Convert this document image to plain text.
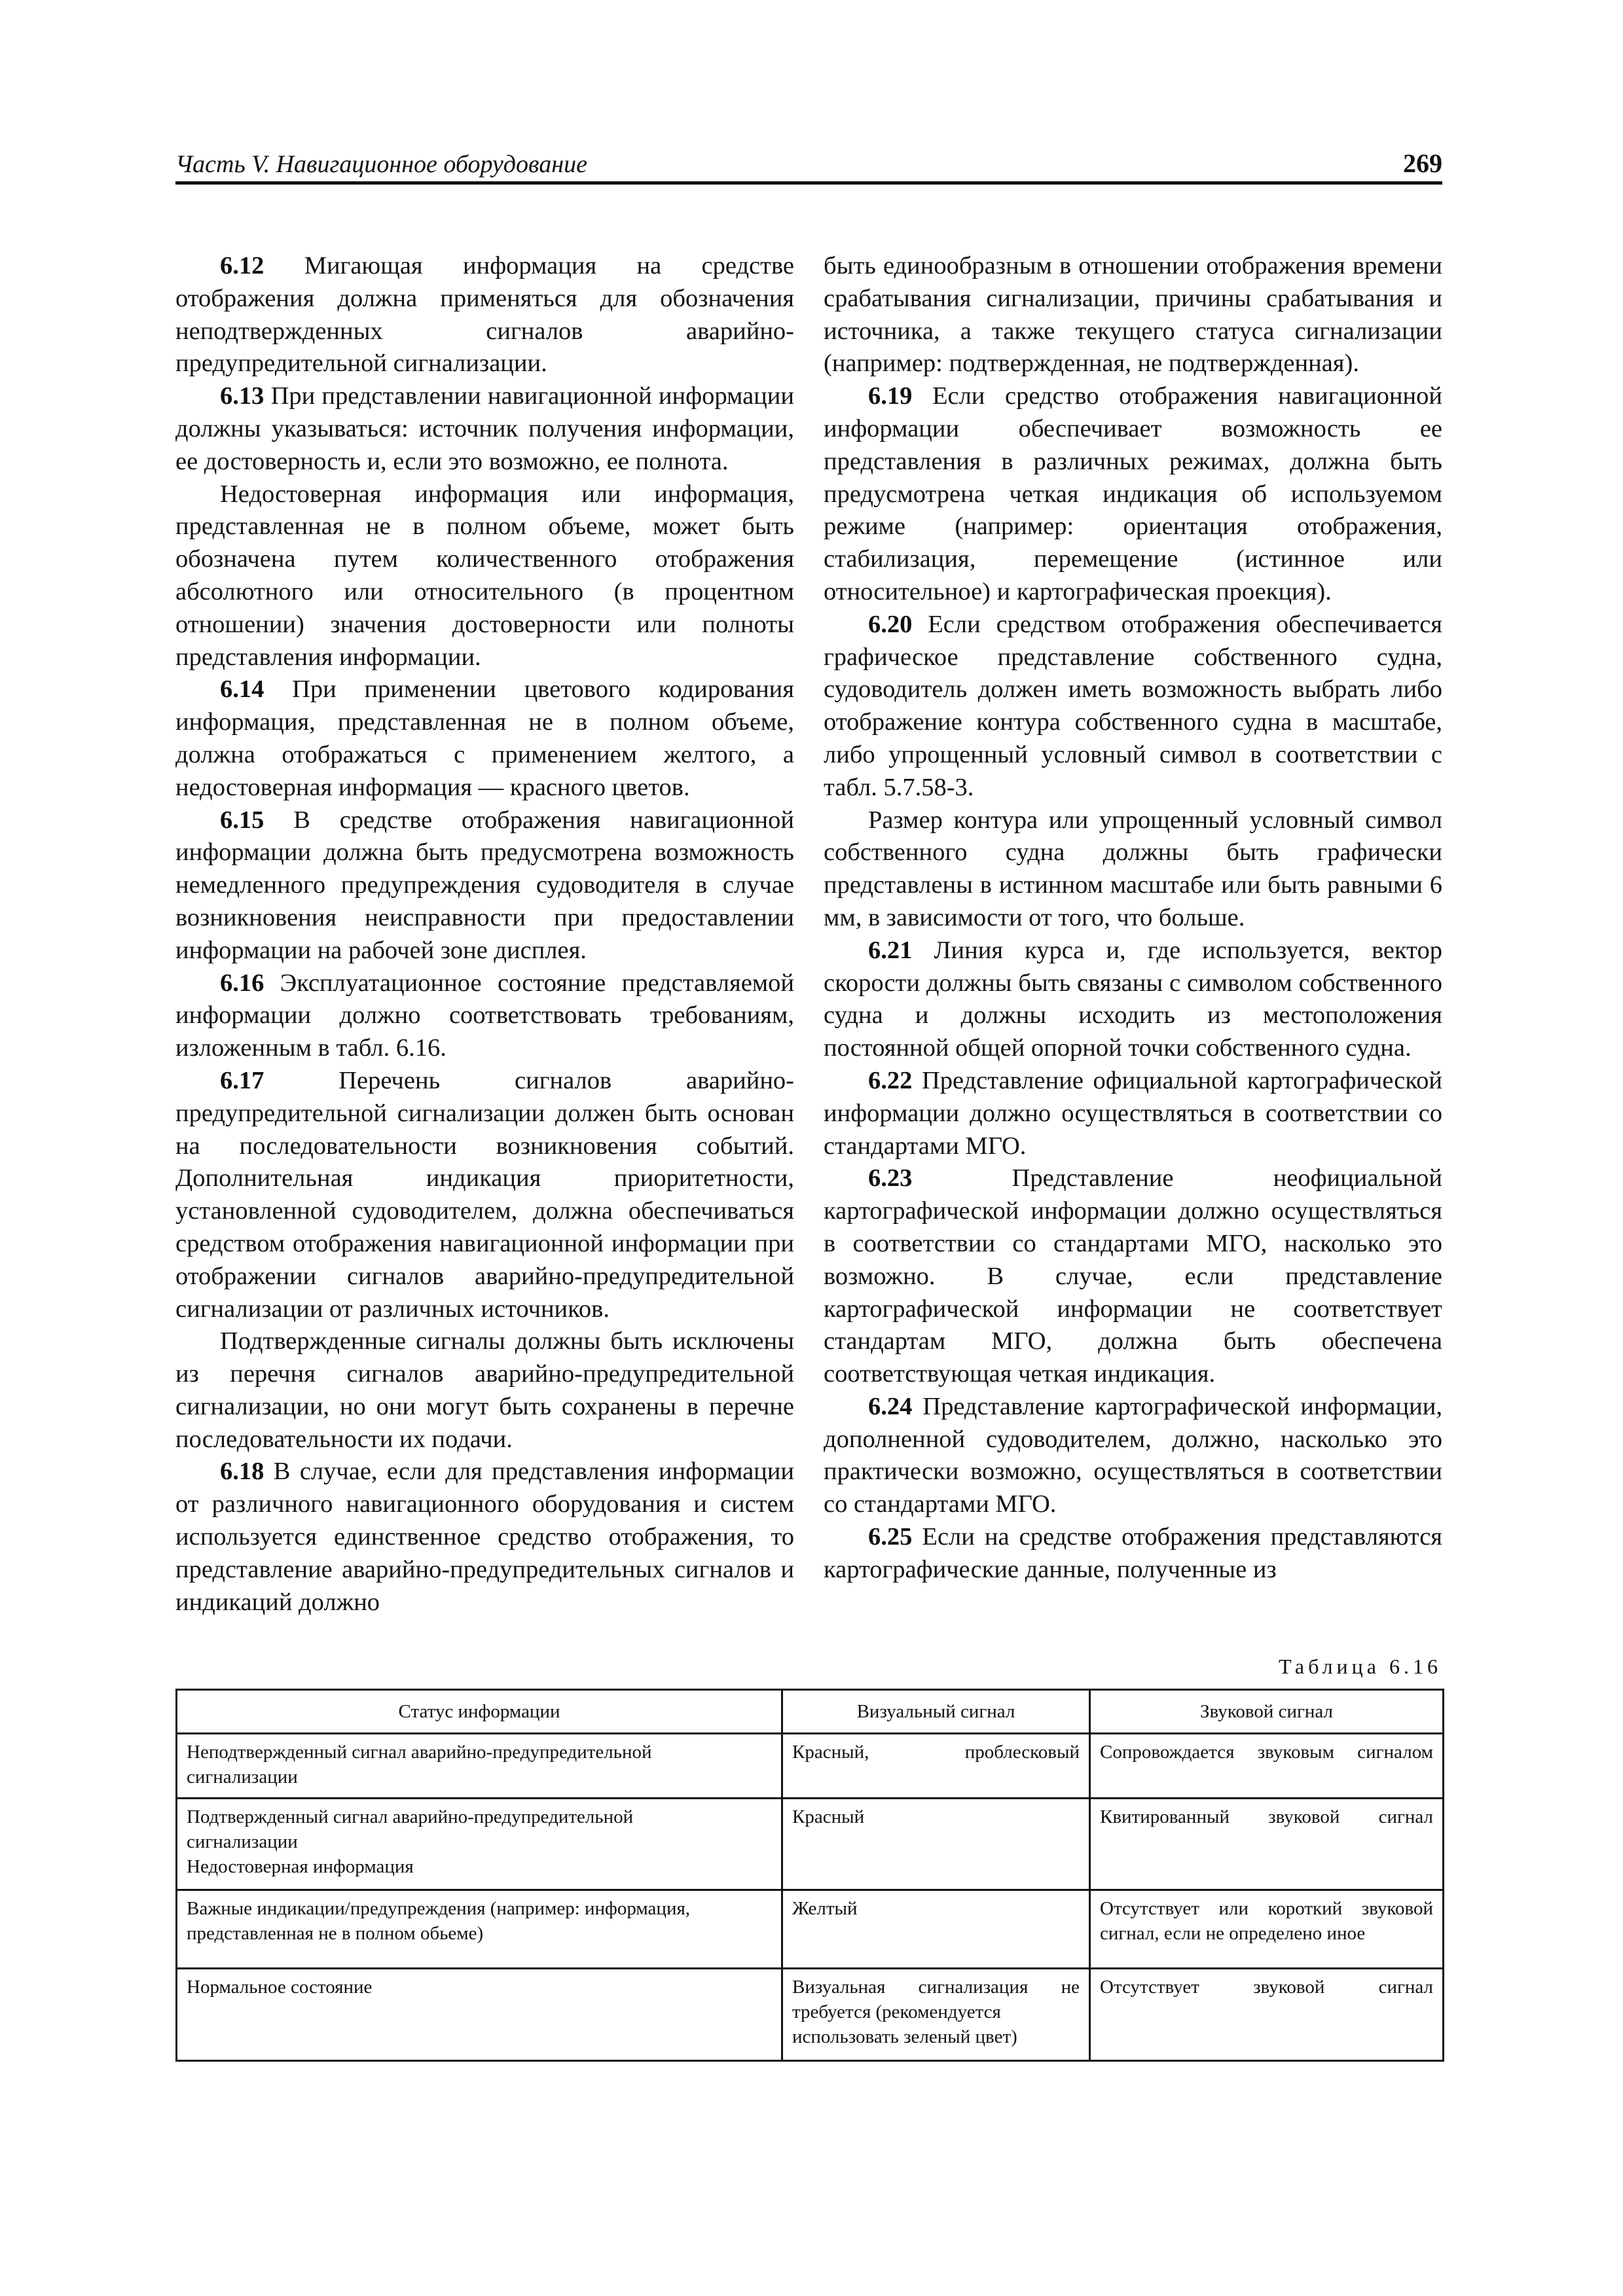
Часть V. Навигационное оборудование	269

6.12 Мигающая информация на средстве отображения должна применяться для обозначения неподтвержденных сигналов аварийно-предупредительной сигнализации.

6.13 При представлении навигационной информации должны указываться: источник получения информации, ее достоверность и, если это возможно, ее полнота.

Недостоверная информация или информация, представленная не в полном объеме, может быть обозначена путем количественного отображения абсолютного или относительного (в процентном отношении) значения достоверности или полноты представления информации.

6.14 При применении цветового кодирования информация, представленная не в полном объеме, должна отображаться с применением желтого, а недостоверная информация — красного цветов.

6.15 В средстве отображения навигационной информации должна быть предусмотрена возможность немедленного предупреждения судоводителя в случае возникновения неисправности при предоставлении информации на рабочей зоне дисплея.

6.16 Эксплуатационное состояние представляемой информации должно соответствовать требованиям, изложенным в табл. 6.16.

6.17 Перечень сигналов аварийно-предупредительной сигнализации должен быть основан на последовательности возникновения событий. Дополнительная индикация приоритетности, установленной судоводителем, должна обеспечиваться средством отображения навигационной информации при отображении сигналов аварийно-предупредительной сигнализации от различных источников.

Подтвержденные сигналы должны быть исключены из перечня сигналов аварийно-предупредительной сигнализации, но они могут быть сохранены в перечне последовательности их подачи.

6.18 В случае, если для представления информации от различного навигационного оборудования и систем используется единственное средство отображения, то представление аварийно-предупредительных сигналов и индикаций должно

быть единообразным в отношении отображения времени срабатывания сигнализации, причины срабатывания и источника, а также текущего статуса сигнализации (например: подтвержденная, не подтвержденная).

6.19 Если средство отображения навигационной информации обеспечивает возможность ее представления в различных режимах, должна быть предусмотрена четкая индикация об используемом режиме (например: ориентация отображения, стабилизация, перемещение (истинное или относительное) и картографическая проекция).

6.20 Если средством отображения обеспечивается графическое представление собственного судна, судоводитель должен иметь возможность выбрать либо отображение контура собственного судна в масштабе, либо упрощенный условный символ в соответствии с табл. 5.7.58-3.

Размер контура или упрощенный условный символ собственного судна должны быть графически представлены в истинном масштабе или быть равными 6 мм, в зависимости от того, что больше.

6.21 Линия курса и, где используется, вектор скорости должны быть связаны с символом собственного судна и должны исходить из местоположения постоянной общей опорной точки собственного судна.

6.22 Представление официальной картографической информации должно осуществляться в соответствии со стандартами МГО.

6.23 Представление неофициальной картографической информации должно осуществляться в соответствии со стандартами МГО, насколько это возможно. В случае, если представление картографической информации не соответствует стандартам МГО, должна быть обеспечена соответствующая четкая индикация.

6.24 Представление картографической информации, дополненной судоводителем, должно, насколько это практически возможно, осуществляться в соответствии со стандартами МГО.

6.25 Если на средстве отображения представляются картографические данные, полученные из

Таблица 6.16
Статус информации	Визуальный сигнал	Звуковой сигнал

Неподтвержденный сигнал аварийно-предупредительной
сигнализации	Красный, проблесковый	Сопровождается звуковым сигналом

Подтвержденный сигнал аварийно-предупредительной
сигнализации
Недостоверная информация	Красный	Квитированный звуковой сигнал

Важные индикации/предупреждения (например: информация,
представленная не в полном обьеме)	Желтый	Отсутствует или короткий звуковой
сигнал, если не определено иное

Нормальное состояние	Визуальная сигнализация не
требуется (рекомендуется
использовать зеленый цвет)	Отсутствует звуковой сигнал
